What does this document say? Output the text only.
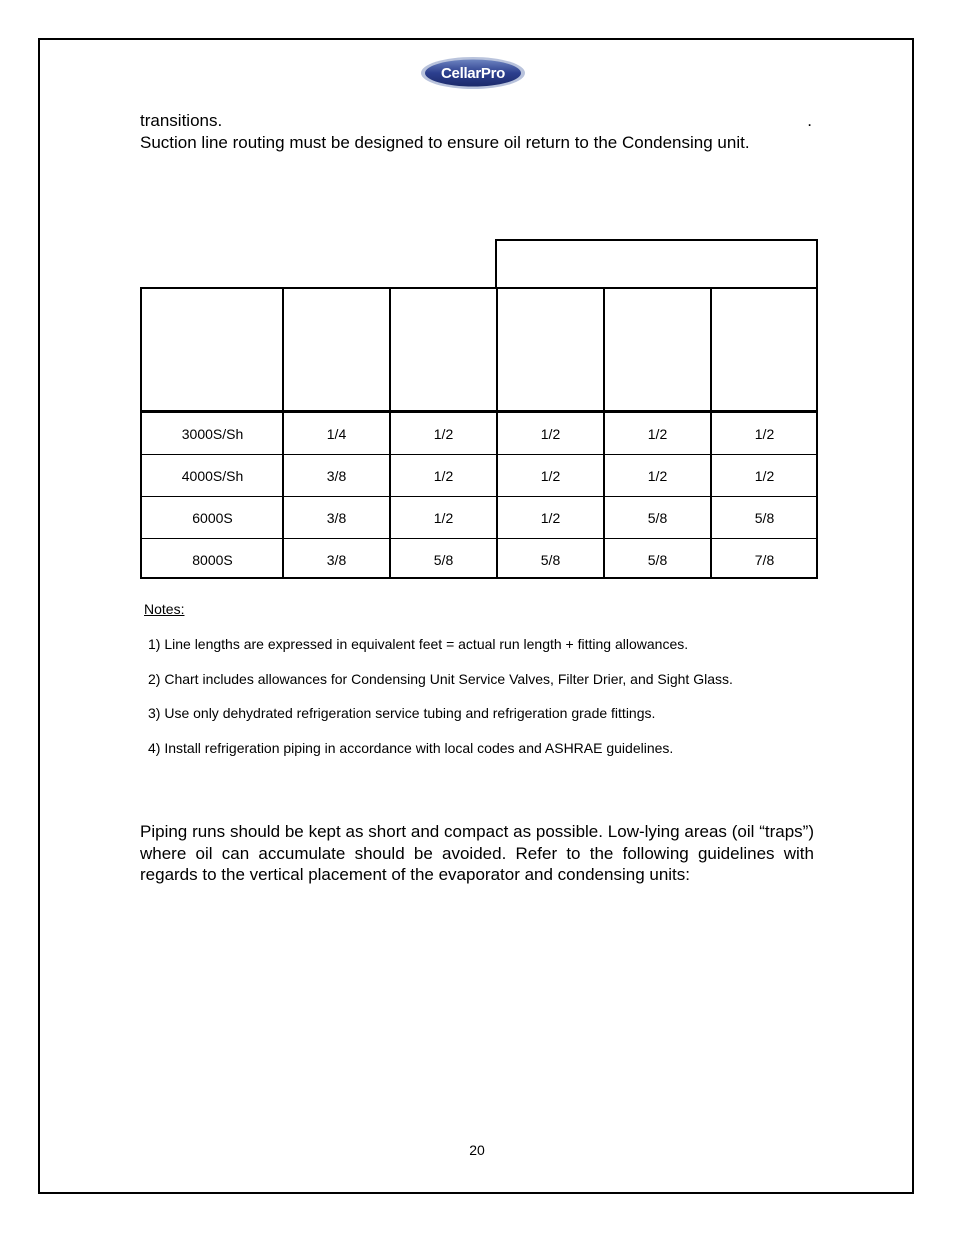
CellarPro
transitions.	.
Suction line routing must be designed to ensure oil return to the Condensing unit.
3000S/Sh	1/4	1/2	1/2	1/2	1/2
4000S/Sh	3/8	1/2	1/2	1/2	1/2
6000S	3/8	1/2	1/2	5/8	5/8
8000S	3/8	5/8	5/8	5/8	7/8
Notes:
1) Line lengths are expressed in equivalent feet = actual run length + fitting allowances.
2) Chart includes allowances for Condensing Unit Service Valves, Filter Drier, and Sight Glass.
3) Use only dehydrated refrigeration service tubing and refrigeration grade fittings.
4) Install refrigeration piping in accordance with local codes and ASHRAE guidelines.
Piping runs should be kept as short and compact as possible. Low-lying areas (oil “traps”) where oil can accumulate should be avoided. Refer to the following guidelines with regards to the vertical placement of the evaporator and condensing units:
20
